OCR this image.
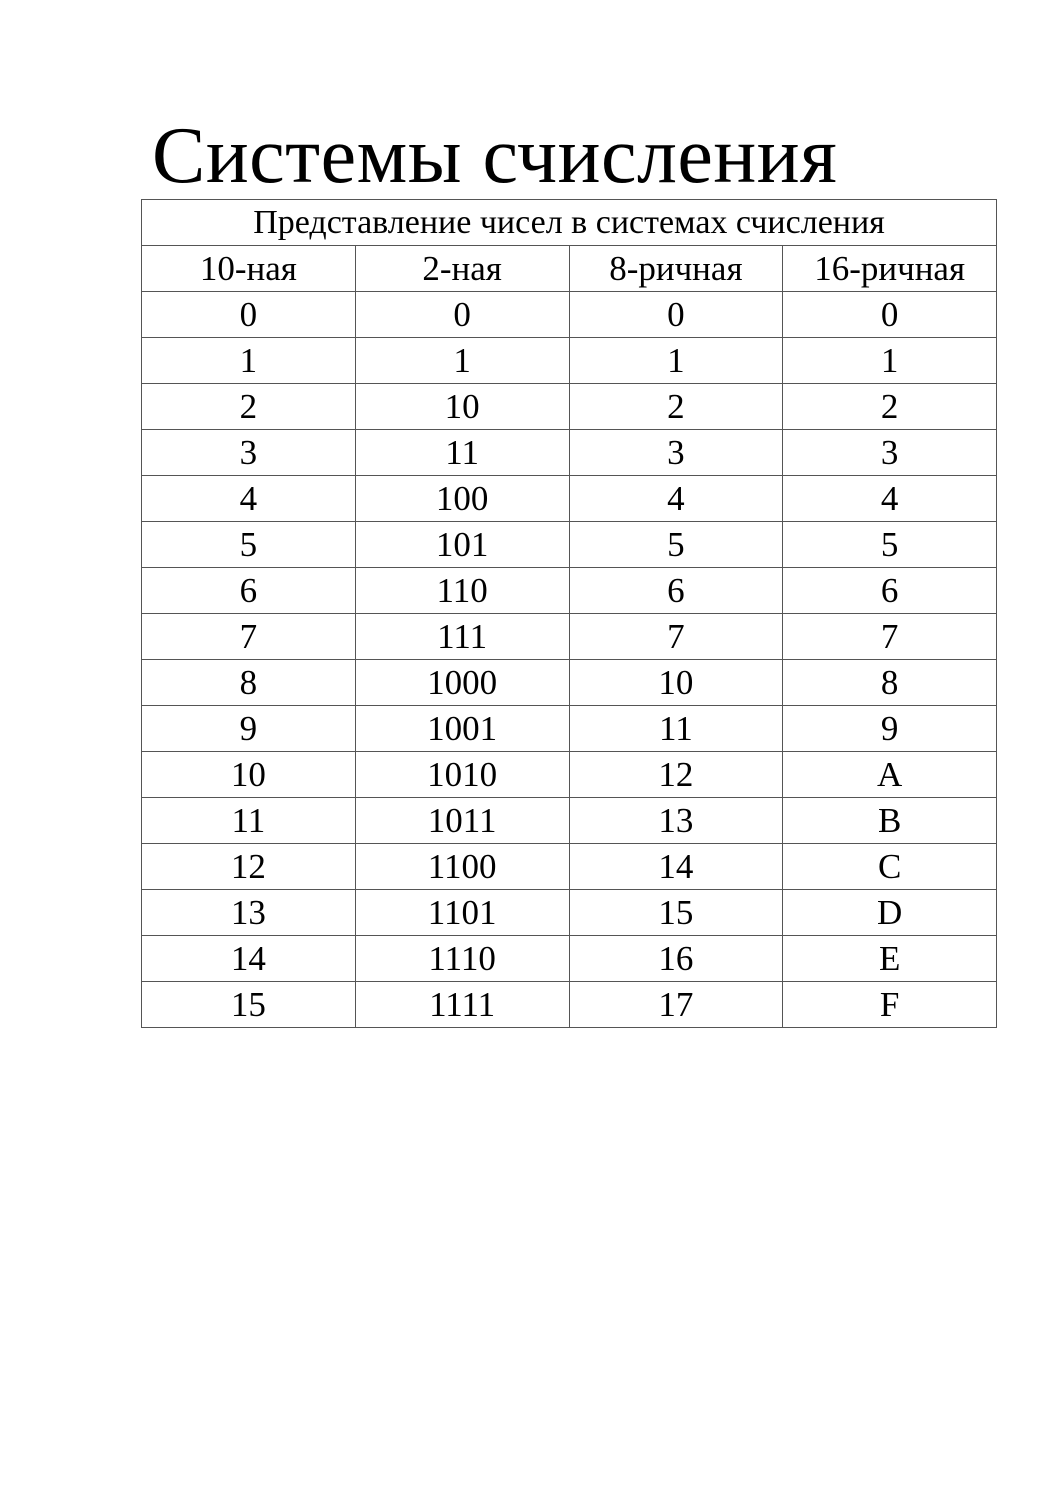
Системы счисления
Представление чисел в системах счисления			
10-ная	2-ная	8-ричная	16-ричная
0	0	0	0
1	1	1	1
2	10	2	2
3	11	3	3
4	100	4	4
5	101	5	5
6	110	6	6
7	111	7	7
8	1000	10	8
9	1001	11	9
10	1010	12	A
11	1011	13	B
12	1100	14	C
13	1101	15	D
14	1110	16	E
15	1111	17	F
